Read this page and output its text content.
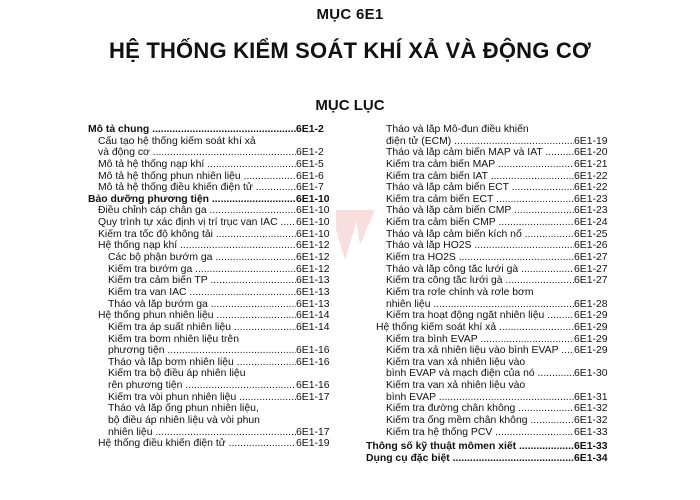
MỤC 6E1
HỆ THỐNG KIỂM SOÁT KHÍ XẢ VÀ ĐỘNG CƠ
MỤC LỤC
Mô tả chung .....	6E1-2
Cấu tạo hệ thống kiểm soát khí xả
và động cơ .....	6E1-2
Mô tả hệ thống nạp khí .....	6E1-5
Mô tả hệ thống phun nhiên liệu .....	6E1-6
Mô tả hệ thống điều khiển điện tử .....	6E1-7
Bảo dưỡng phương tiện .....	6E1-10
Điều chỉnh cáp chân ga .....	6E1-10
Quy trình tự xác định vị trí trục van IAC .....	6E1-10
Kiểm tra tốc độ không tải .....	6E1-10
Hệ thống nạp khí .....	6E1-12
Các bộ phận bướm ga .....	6E1-12
Kiểm tra bướm ga .....	6E1-12
Kiểm tra cảm biến TP .....	6E1-13
Kiểm tra van IAC .....	6E1-13
Tháo và lắp bướm ga .....	6E1-13
Hệ thống phun nhiên liệu .....	6E1-14
Kiểm tra áp suất nhiên liệu .....	6E1-14
Kiểm tra bơm nhiên liệu trên
phương tiện .....	6E1-16
Tháo và lắp bơm nhiên liệu .....	6E1-16
Kiểm tra bộ điều áp nhiên liệu
rên phương tiện .....	6E1-16
Kiểm tra vòi phun nhiên liệu .....	6E1-17
Tháo và lắp ống phun nhiên liệu,
bộ điều áp nhiên liệu và vòi phun
nhiên liệu .....	6E1-17
Hệ thống điều khiển điện tử .....	6E1-19
Tháo và lắp Mô-đun điều khiển
điện tử (ECM) .....	6E1-19
Tháo và lắp cảm biến MAP và IAT .....	6E1-20
Kiểm tra cảm biến MAP .....	6E1-21
Kiểm tra cảm biến IAT .....	6E1-22
Tháo và lắp cảm biến ECT .....	6E1-22
Kiểm tra cảm biến ECT .....	6E1-23
Tháo và lắp cảm biến CMP .....	6E1-23
Kiểm tra cảm biến CMP .....	6E1-24
Tháo và lắp cảm biến kích nổ .....	6E1-25
Tháo và lắp HO2S .....	6E1-26
Kiểm tra HO2S .....	6E1-27
Tháo và lắp công tắc lưới gà .....	6E1-27
Kiểm tra công tắc lưới gà .....	6E1-27
Kiểm tra rơle chính và rơle bơm
nhiên liệu .....	6E1-28
Kiểm tra hoạt động ngắt nhiên liệu .....	6E1-29
Hệ thống kiểm soát khí xả .....	6E1-29
Kiểm tra bình EVAP .....	6E1-29
Kiểm tra xả nhiên liệu vào bình EVAP .....	6E1-29
Kiểm tra van xả nhiên liệu vào
bình EVAP và mạch điện của nó .....	6E1-30
Kiểm tra van xả nhiên liệu vào
bình EVAP .....	6E1-31
Kiểm tra đường chân không .....	6E1-32
Kiểm tra ống mềm chân không .....	6E1-32
Kiểm tra hệ thống PCV .....	6E1-33
Thông số kỹ thuật mômen xiết .....	6E1-33
Dụng cụ đặc biệt .....	6E1-34
